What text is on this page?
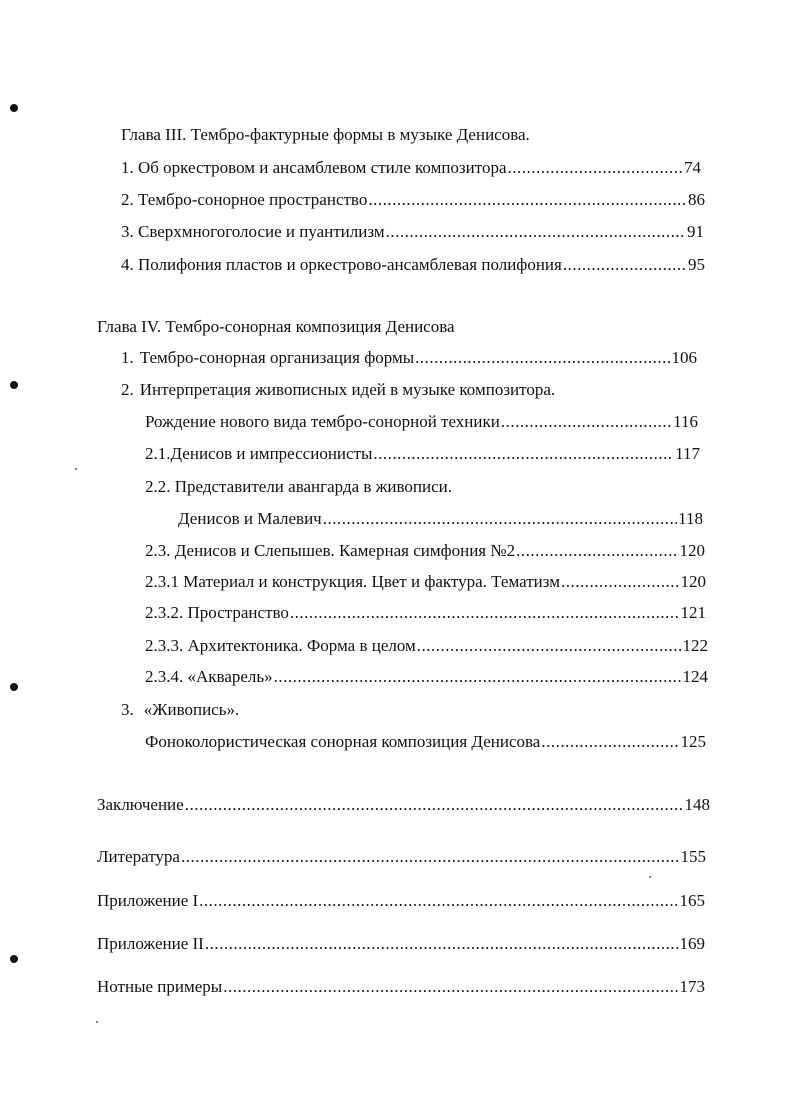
Глава III. Тембро-фактурные формы в музыке Денисова.
1. Об оркестровом и ансамблевом стиле композитора .....	74
2. Тембро-сонорное пространство .....	86
3. Сверхмногоголосие и пуантилизм .....	91
4. Полифония пластов и оркестрово-ансамблевая полифония .....	95
Глава IV. Тембро-сонорная композиция Денисова
1. Тембро-сонорная организация формы .....	106
2. Интерпретация живописных идей в музыке композитора.
Рождение нового вида тембро-сонорной техники .....	116
2.1.Денисов и импрессионисты .....	117
2.2. Представители авангарда в живописи.
Денисов и Малевич .....	118
2.3. Денисов и Слепышев. Камерная симфония №2 .....	120
2.3.1 Материал и конструкция. Цвет и фактура. Тематизм .....	120
2.3.2. Пространство .....	121
2.3.3. Архитектоника. Форма в целом .....	122
2.3.4. «Акварель» .....	124
3. «Живопись».
Фоноколористическая сонорная композиция Денисова .....	125
Заключение .....	148
Литература .....	155
Приложение I .....	165
Приложение II .....	169
Нотные примеры .....	173
